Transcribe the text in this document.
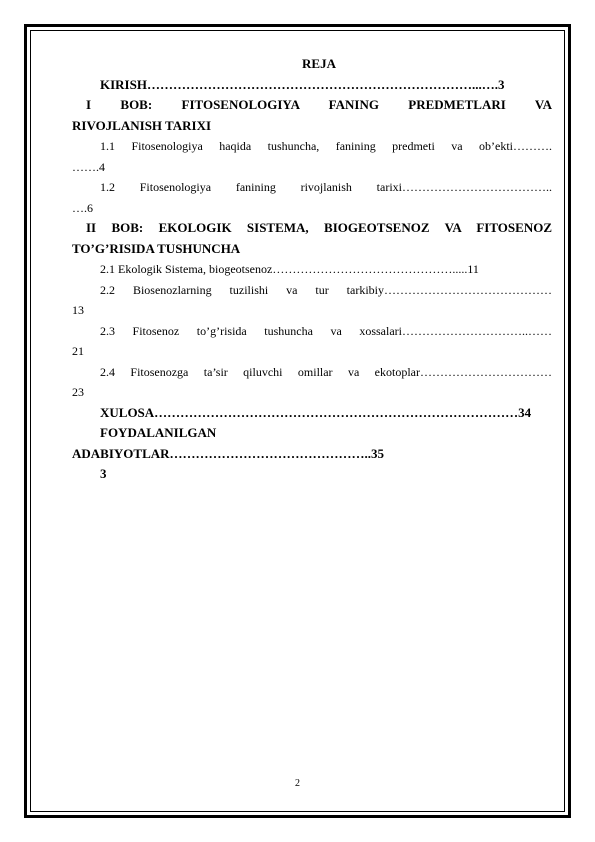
REJA
KIRISH…………………………………………………………………...….3
I BOB: FITOSENOLOGIYA FANING PREDMETLARI VA
RIVOJLANISH TARIXI
1.1 Fitosenologiya haqida tushuncha, fanining predmeti va ob’ekti……….
…….4
1.2 Fitosenologiya fanining rivojlanish tarixi………………………………..
….6
II BOB: EKOLOGIK SISTEMA, BIOGEOTSENOZ VA FITOSENOZ
TO’G’RISIDA TUSHUNCHA
2.1 Ekologik Sistema, biogeotsenoz……………………………………….....11
2.2 Biosenozlarning tuzilishi va tur tarkibiy……………………………………
13
2.3 Fitosenoz to’g’risida tushuncha va xossalari…………………………..……
21
2.4 Fitosenozga ta’sir qiluvchi omillar va ekotoplar……………………………
23
XULOSA…………………………………………………………………………34
FOYDALANILGAN
ADABIYOTLAR………………………………………..35
3
2
